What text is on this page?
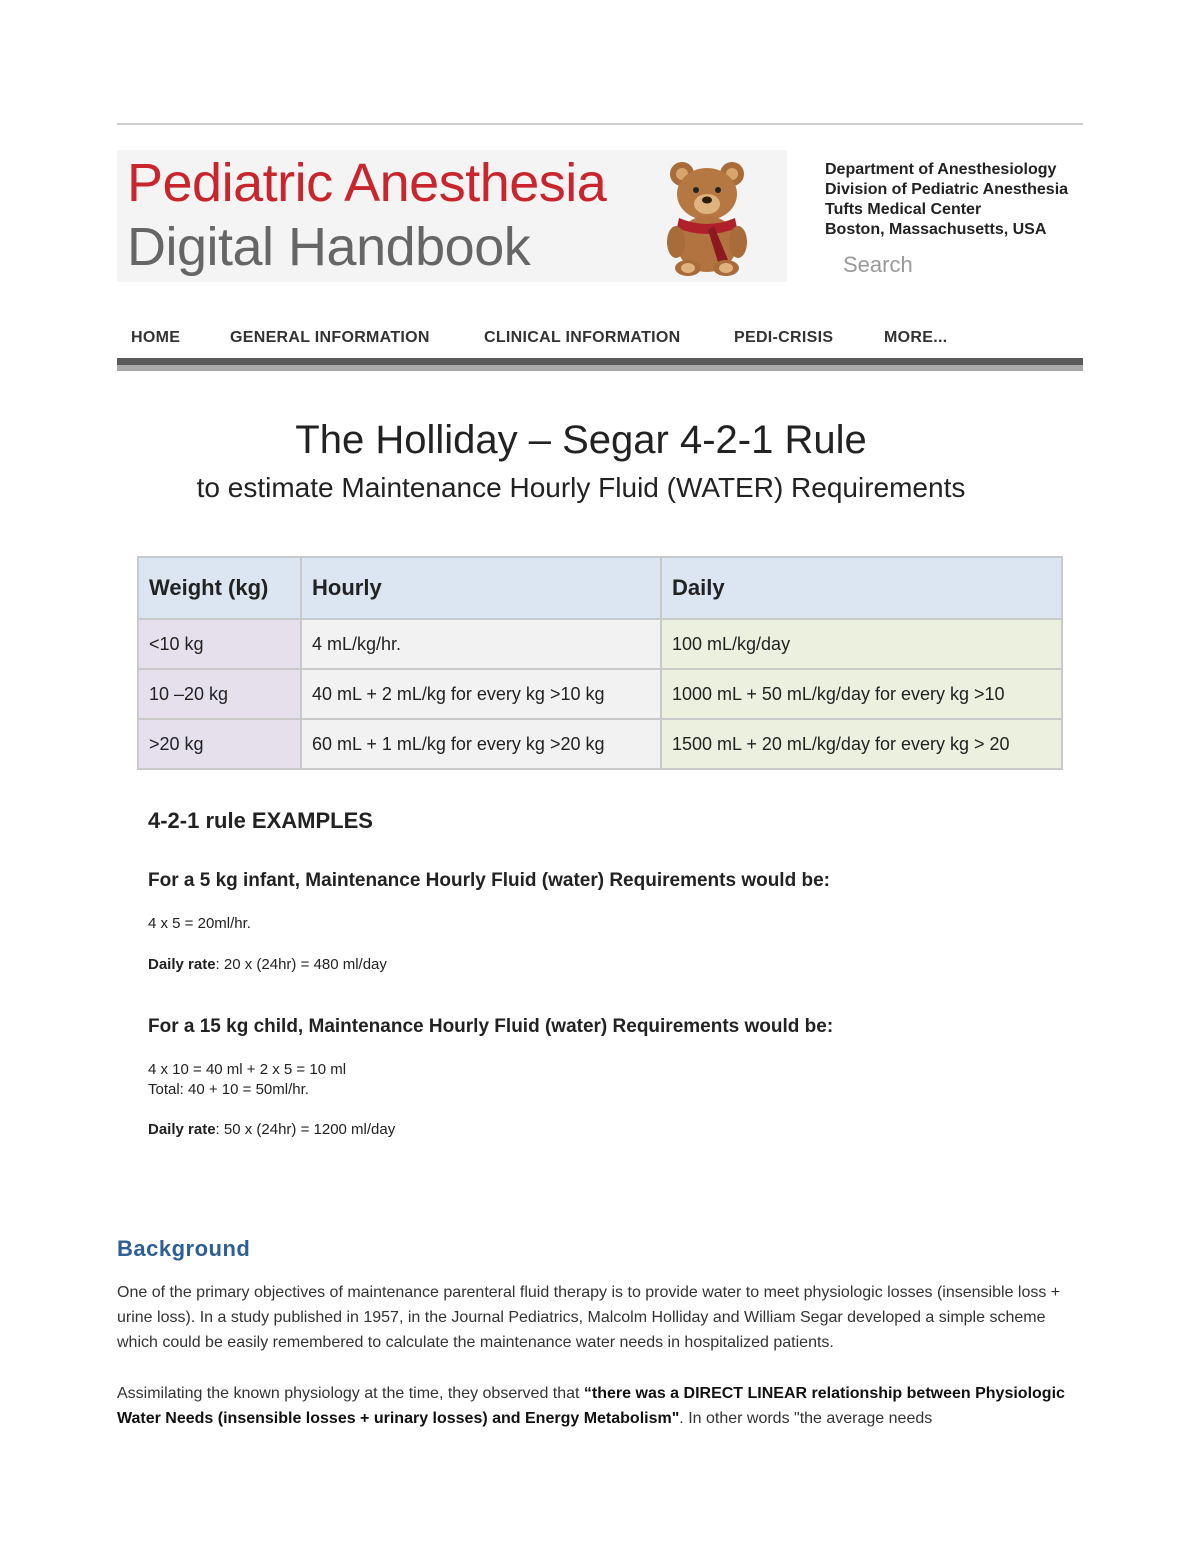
Pediatric Anesthesia
Digital Handbook
Department of Anesthesiology
Division of Pediatric Anesthesia
Tufts Medical Center
Boston, Massachusetts, USA
Search
HOME	GENERAL INFORMATION	CLINICAL INFORMATION	PEDI-CRISIS	MORE...
The Holliday – Segar 4-2-1 Rule
to estimate Maintenance Hourly Fluid (WATER) Requirements
Weight (kg)	Hourly	Daily
<10 kg	4 mL/kg/hr.	100 mL/kg/day
10 –20 kg	40 mL + 2 mL/kg for every kg >10 kg	1000 mL + 50 mL/kg/day for every kg >10
>20 kg	60 mL + 1 mL/kg for every kg >20 kg	1500 mL + 20 mL/kg/day for every kg > 20
4-2-1 rule EXAMPLES
For a 5 kg infant, Maintenance Hourly Fluid (water) Requirements would be:
4 x 5 = 20ml/hr.
Daily rate: 20 x (24hr) = 480 ml/day
For a 15 kg child, Maintenance Hourly Fluid (water) Requirements would be:
4 x 10 = 40 ml + 2 x 5 = 10 ml
Total: 40 + 10 = 50ml/hr.
Daily rate: 50 x (24hr) = 1200 ml/day
Background
One of the primary objectives of maintenance parenteral fluid therapy is to provide water to meet physiologic losses (insensible loss + urine loss). In a study published in 1957, in the Journal Pediatrics, Malcolm Holliday and William Segar developed a simple scheme which could be easily remembered to calculate the maintenance water needs in hospitalized patients.
Assimilating the known physiology at the time, they observed that “there was a DIRECT LINEAR relationship between Physiologic Water Needs (insensible losses + urinary losses) and Energy Metabolism". In other words "the average needs
